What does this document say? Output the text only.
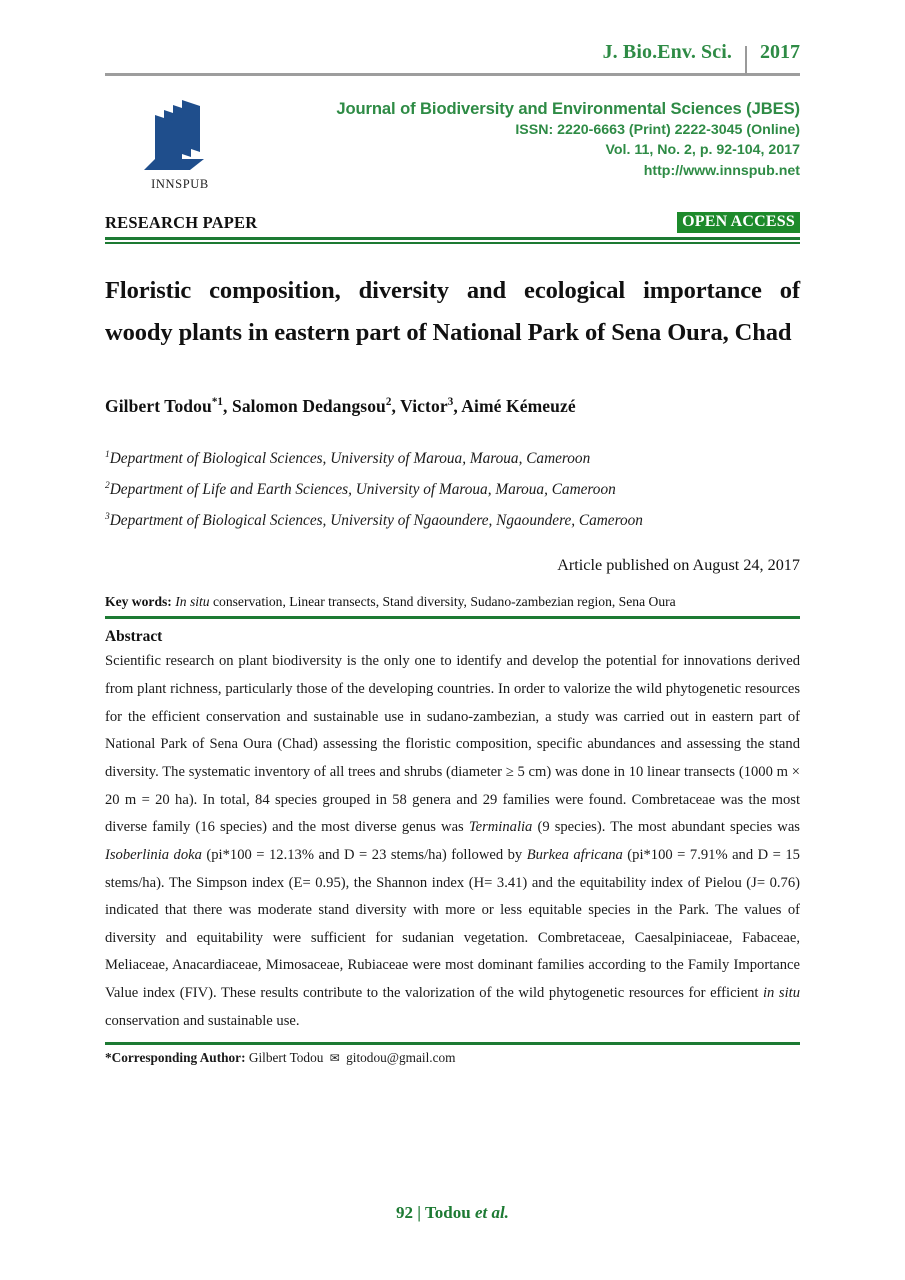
J. Bio.Env. Sci.	2017
INNSPUB
Journal of Biodiversity and Environmental Sciences (JBES)
ISSN: 2220-6663 (Print) 2222-3045 (Online)
Vol. 11, No. 2, p. 92-104, 2017
http://www.innspub.net
RESEARCH PAPER	OPEN ACCESS
Floristic composition, diversity and ecological importance of woody plants in eastern part of National Park of Sena Oura, Chad
Gilbert Todou$^{*1}$, Salomon Dedangsou$^2$, Victor$^3$, Aimé Kémeuzé
$^1$Department of Biological Sciences, University of Maroua, Maroua, Cameroon
$^2$Department of Life and Earth Sciences, University of Maroua, Maroua, Cameroon
$^3$Department of Biological Sciences, University of Ngaoundere, Ngaoundere, Cameroon
Article published on August 24, 2017
Key words: In situ conservation, Linear transects, Stand diversity, Sudano-zambezian region, Sena Oura
Abstract
Scientific research on plant biodiversity is the only one to identify and develop the potential for innovations derived from plant richness, particularly those of the developing countries. In order to valorize the wild phytogenetic resources for the efficient conservation and sustainable use in sudano-zambezian, a study was carried out in eastern part of National Park of Sena Oura (Chad) assessing the floristic composition, specific abundances and assessing the stand diversity. The systematic inventory of all trees and shrubs (diameter ≥ 5 cm) was done in 10 linear transects (1000 m × 20 m = 20 ha). In total, 84 species grouped in 58 genera and 29 families were found. Combretaceae was the most diverse family (16 species) and the most diverse genus was Terminalia (9 species). The most abundant species was Isoberlinia doka (pi*100 = 12.13% and D = 23 stems/ha) followed by Burkea africana (pi*100 = 7.91% and D = 15 stems/ha). The Simpson index (E= 0.95), the Shannon index (H= 3.41) and the equitability index of Pielou (J= 0.76) indicated that there was moderate stand diversity with more or less equitable species in the Park. The values of diversity and equitability were sufficient for sudanian vegetation. Combretaceae, Caesalpiniaceae, Fabaceae, Meliaceae, Anacardiaceae, Mimosaceae, Rubiaceae were most dominant families according to the Family Importance Value index (FIV). These results contribute to the valorization of the wild phytogenetic resources for efficient in situ conservation and sustainable use.
*Corresponding Author: Gilbert Todou ✉ gitodou@gmail.com
92 | Todou et al.
